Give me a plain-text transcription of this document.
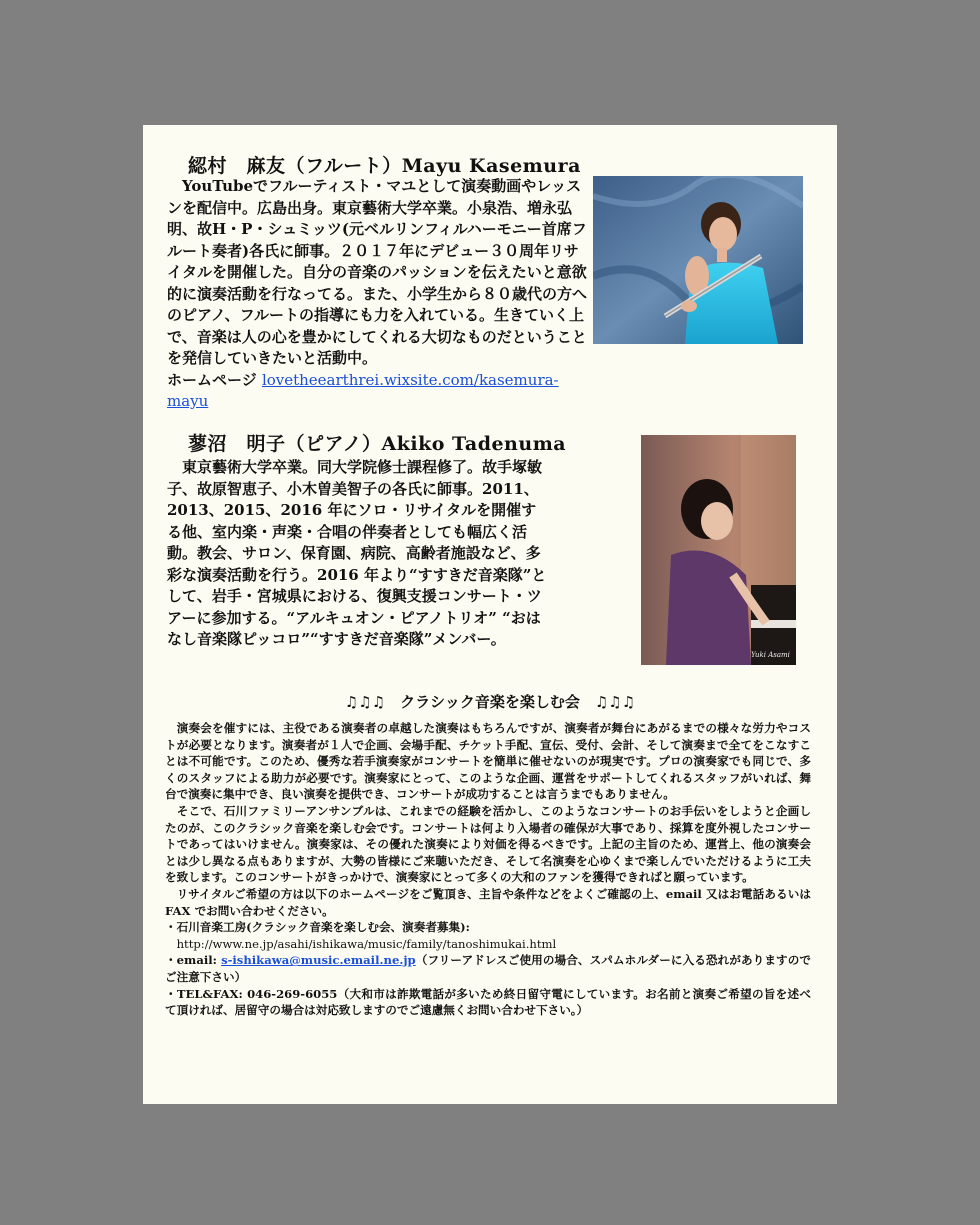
綛村　麻友（フルート）Mayu Kasemura

　YouTubeでフルーティスト・マユとして演奏動画やレッスンを配信中。広島出身。東京藝術大学卒業。小泉浩、増永弘明、故H・P・シュミッツ(元ベルリンフィルハーモニー首席フルート奏者)各氏に師事。２０１７年にデビュー３０周年リサイタルを開催した。自分の音楽のパッションを伝えたいと意欲的に演奏活動を行なってる。また、小学生から８０歳代の方へのピアノ、フルートの指導にも力を入れている。生きていく上で、音楽は人の心を豊かにしてくれる大切なものだということを発信していきたいと活動中。

ホームページ lovetheearthrei.wixsite.com/kasemura-mayu

蓼沼　明子（ピアノ）Akiko Tadenuma
Yuki Asami

　東京藝術大学卒業。同大学院修士課程修了。故手塚敏子、故原智恵子、小木曽美智子の各氏に師事。2011、2013、2015、2016 年にソロ・リサイタルを開催する他、室内楽・声楽・合唱の伴奏者としても幅広く活動。教会、サロン、保育園、病院、高齢者施設など、多彩な演奏活動を行う。2016 年より“すすきだ音楽隊”として、岩手・宮城県における、復興支援コンサート・ツアーに参加する。“アルキュオン・ピアノトリオ” “おはなし音楽隊ピッコロ”“すすきだ音楽隊”メンバー。

♫♫♫　クラシック音楽を楽しむ会　♫♫♫

　演奏会を催すには、主役である演奏者の卓越した演奏はもちろんですが、演奏者が舞台にあがるまでの様々な労力やコストが必要となります。演奏者が１人で企画、会場手配、チケット手配、宣伝、受付、会計、そして演奏まで全てをこなすことは不可能です。このため、優秀な若手演奏家がコンサートを簡単に催せないのが現実です。プロの演奏家でも同じで、多くのスタッフによる助力が必要です。演奏家にとって、このような企画、運営をサポートしてくれるスタッフがいれば、舞台で演奏に集中でき、良い演奏を提供でき、コンサートが成功することは言うまでもありません。

　そこで、石川ファミリーアンサンブルは、これまでの経験を活かし、このようなコンサートのお手伝いをしようと企画したのが、このクラシック音楽を楽しむ会です。コンサートは何より入場者の確保が大事であり、採算を度外視したコンサートであってはいけません。演奏家は、その優れた演奏により対価を得るべきです。上記の主旨のため、運営上、他の演奏会とは少し異なる点もありますが、大勢の皆様にご来聴いただき、そして名演奏を心ゆくまで楽しんでいただけるように工夫を致します。このコンサートがきっかけで、演奏家にとって多くの大和のファンを獲得できればと願っています。

　リサイタルご希望の方は以下のホームページをご覧頂き、主旨や条件などをよくご確認の上、email 又はお電話あるいは FAX でお問い合わせください。

・石川音楽工房(クラシック音楽を楽しむ会、演奏者募集):

　http://www.ne.jp/asahi/ishikawa/music/family/tanoshimukai.html

・email: s-ishikawa@music.email.ne.jp（フリーアドレスご使用の場合、スパムホルダーに入る恐れがありますのでご注意下さい）

・TEL&FAX: 046-269-6055（大和市は詐欺電話が多いため終日留守電にしています。お名前と演奏ご希望の旨を述べて頂ければ、居留守の場合は対応致しますのでご遠慮無くお問い合わせ下さい。）
